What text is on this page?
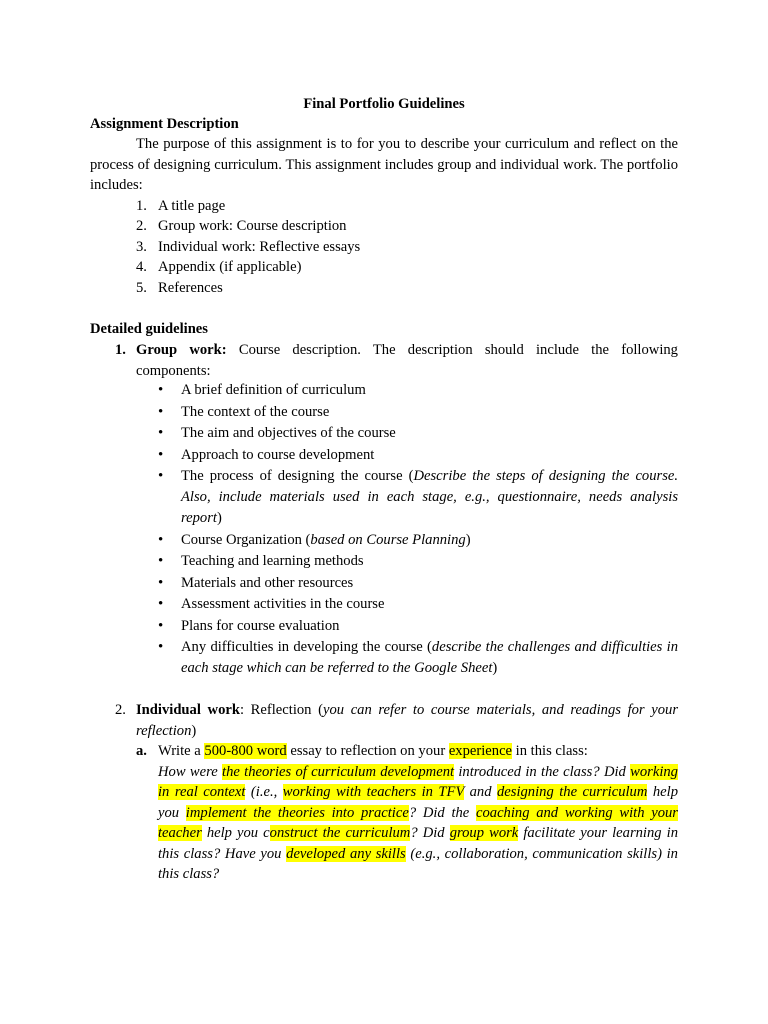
Final Portfolio Guidelines
Assignment Description
The purpose of this assignment is to for you to describe your curriculum and reflect on the process of designing curriculum. This assignment includes group and individual work. The portfolio includes:
1. A title page
2. Group work: Course description
3. Individual work: Reflective essays
4. Appendix (if applicable)
5. References
Detailed guidelines
1. Group work: Course description. The description should include the following components:
• A brief definition of curriculum
• The context of the course
• The aim and objectives of the course
• Approach to course development
• The process of designing the course (Describe the steps of designing the course. Also, include materials used in each stage, e.g., questionnaire, needs analysis report)
• Course Organization (based on Course Planning)
• Teaching and learning methods
• Materials and other resources
• Assessment activities in the course
• Plans for course evaluation
• Any difficulties in developing the course (describe the challenges and difficulties in each stage which can be referred to the Google Sheet)
2. Individual work: Reflection (you can refer to course materials, and readings for your reflection)
a. Write a 500-800 word essay to reflection on your experience in this class:
How were the theories of curriculum development introduced in the class? Did working in real context (i.e., working with teachers in TFV and designing the curriculum help you implement the theories into practice? Did the coaching and working with your teacher help you construct the curriculum? Did group work facilitate your learning in this class? Have you developed any skills (e.g., collaboration, communication skills) in this class?
